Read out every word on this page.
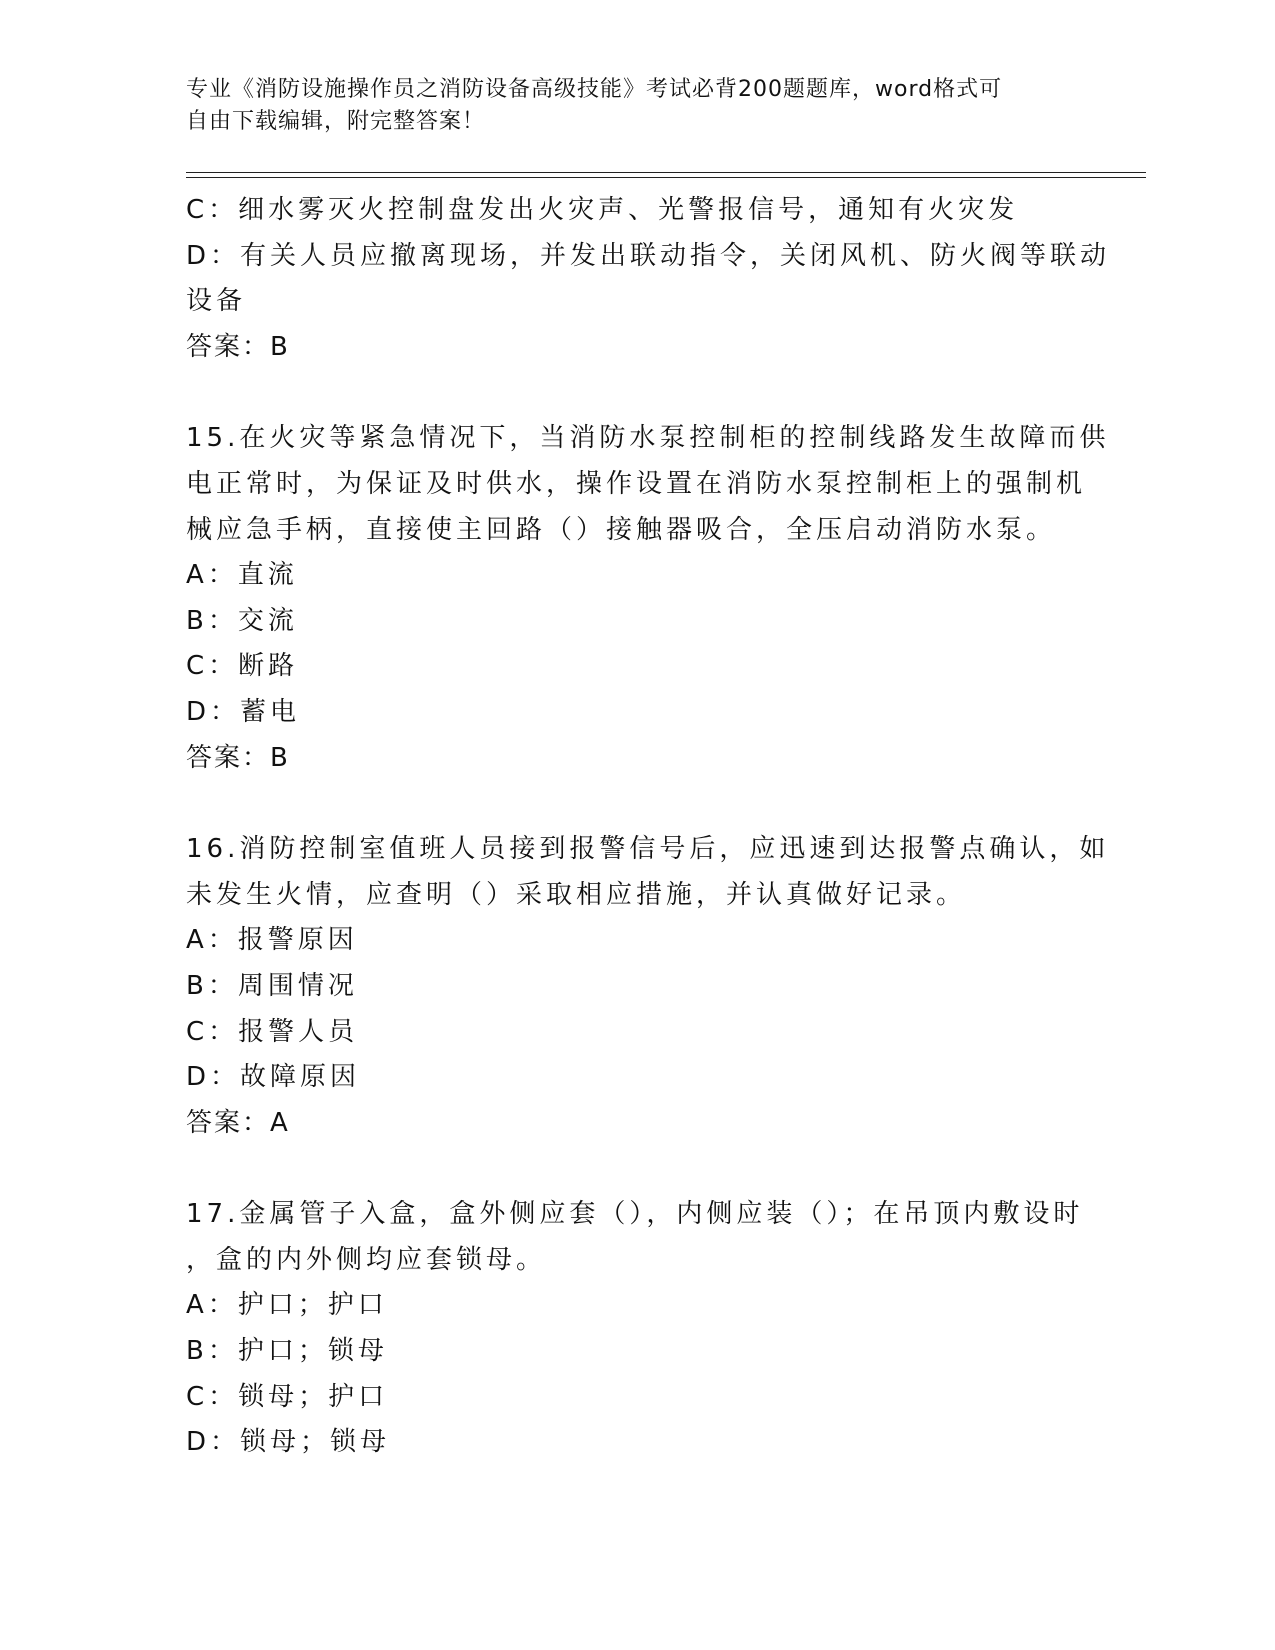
专业《消防设施操作员之消防设备高级技能》考试必背200题题库，word格式可
自由下载编辑，附完整答案！
C：细水雾灭火控制盘发出火灾声、光警报信号，通知有火灾发
D：有关人员应撤离现场，并发出联动指令，关闭风机、防火阀等联动
设备
答案：B
15.在火灾等紧急情况下，当消防水泵控制柜的控制线路发生故障而供
电正常时，为保证及时供水，操作设置在消防水泵控制柜上的强制机
械应急手柄，直接使主回路（）接触器吸合，全压启动消防水泵。
A：直流
B：交流
C：断路
D：蓄电
答案：B
16.消防控制室值班人员接到报警信号后，应迅速到达报警点确认，如
未发生火情，应查明（）采取相应措施，并认真做好记录。
A：报警原因
B：周围情况
C：报警人员
D：故障原因
答案：A
17.金属管子入盒，盒外侧应套（），内侧应装（）；在吊顶内敷设时
，盒的内外侧均应套锁母。
A：护口；护口
B：护口；锁母
C：锁母；护口
D：锁母；锁母
